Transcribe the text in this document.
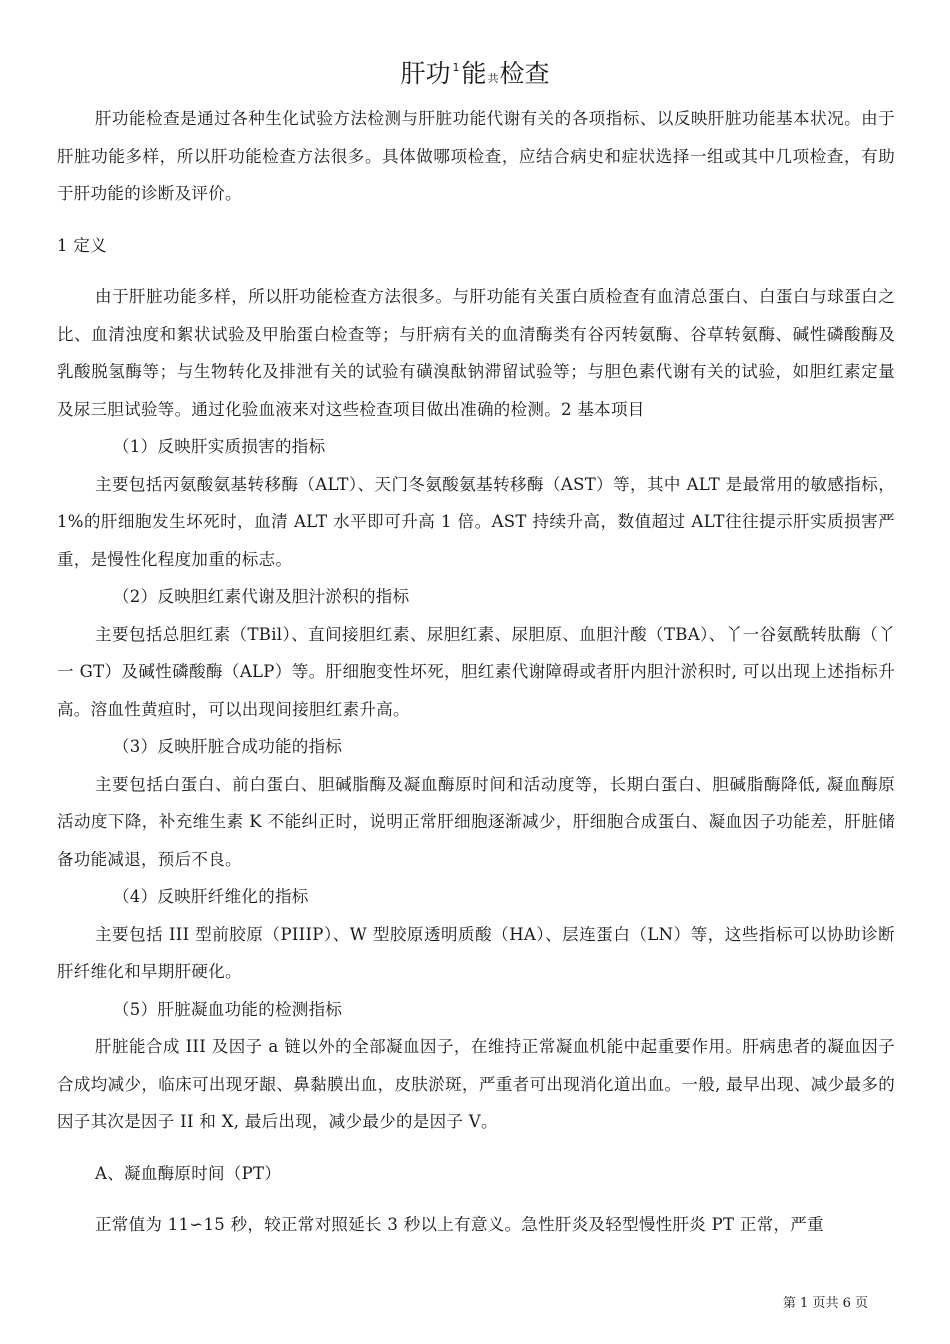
肝功 $^1$能共检查

肝功能检查是通过各种生化试验方法检测与肝脏功能代谢有关的各项指标、以反映肝脏功能基本状况。由于肝脏功能多样，所以肝功能检查方法很多。具体做哪项检查，应结合病史和症状选择一组或其中几项检查，有助于肝功能的诊断及评价。

1 定义

由于肝脏功能多样，所以肝功能检查方法很多。与肝功能有关蛋白质检查有血清总蛋白、白蛋白与球蛋白之比、血清浊度和絮状试验及甲胎蛋白检查等；与肝病有关的血清酶类有谷丙转氨酶、谷草转氨酶、碱性磷酸酶及乳酸脱氢酶等；与生物转化及排泄有关的试验有磺溴酞钠滞留试验等；与胆色素代谢有关的试验，如胆红素定量及尿三胆试验等。通过化验血液来对这些检查项目做出准确的检测。2 基本项目

（1）反映肝实质损害的指标

主要包括丙氨酸氨基转移酶（ALT）、天门冬氨酸氨基转移酶（AST）等，其中 ALT 是最常用的敏感指标，1%的肝细胞发生坏死时，血清 ALT 水平即可升高 1 倍。AST 持续升高，数值超过 ALT往往提示肝实质损害严重，是慢性化程度加重的标志。

（2）反映胆红素代谢及胆汁淤积的指标

主要包括总胆红素（TBil）、直间接胆红素、尿胆红素、尿胆原、血胆汁酸（TBA）、丫一谷氨酰转肽酶（丫一 GT）及碱性磷酸酶（ALP）等。肝细胞变性坏死，胆红素代谢障碍或者肝内胆汁淤积时, 可以出现上述指标升高。溶血性黄疸时，可以出现间接胆红素升高。

（3）反映肝脏合成功能的指标

主要包括白蛋白、前白蛋白、胆碱脂酶及凝血酶原时间和活动度等，长期白蛋白、胆碱脂酶降低, 凝血酶原活动度下降，补充维生素 K 不能纠正时，说明正常肝细胞逐渐减少，肝细胞合成蛋白、凝血因子功能差，肝脏储备功能减退，预后不良。

（4）反映肝纤维化的指标

主要包括 III 型前胶原（PIIIP）、W 型胶原透明质酸（HA）、层连蛋白（LN）等，这些指标可以协助诊断肝纤维化和早期肝硬化。

（5）肝脏凝血功能的检测指标

肝脏能合成 III 及因子 a 链以外的全部凝血因子，在维持正常凝血机能中起重要作用。肝病患者的凝血因子合成均减少，临床可出现牙龈、鼻黏膜出血，皮肤淤斑，严重者可出现消化道出血。一般, 最早出现、减少最多的因子其次是因子 II 和 X, 最后出现，减少最少的是因子 V。

A、凝血酶原时间（PT）

正常值为 11∽15 秒，较正常对照延长 3 秒以上有意义。急性肝炎及轻型慢性肝炎 PT 正常，严重

第 1 页共 6 页
